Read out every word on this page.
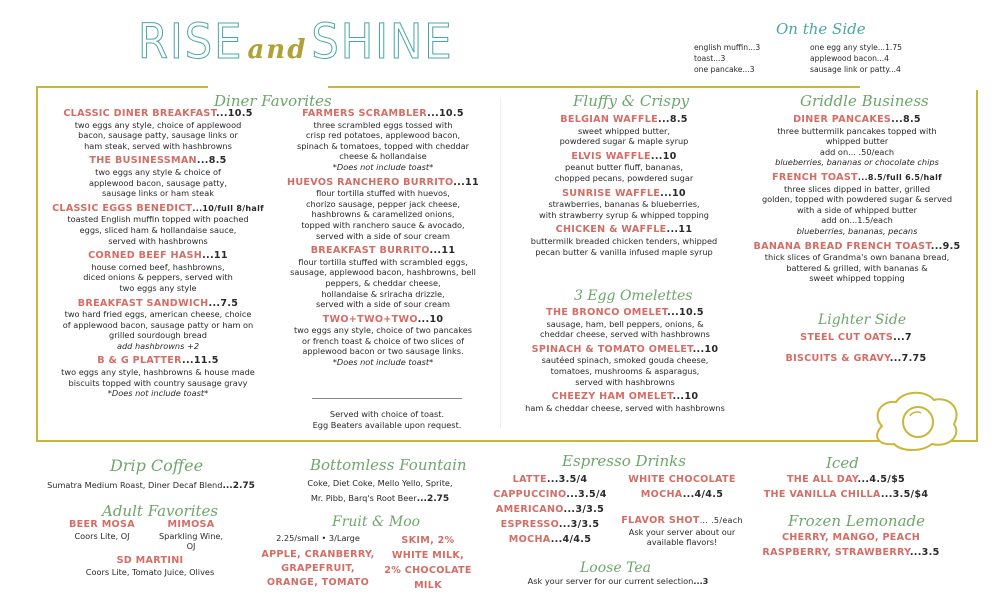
RISE andSHINE	On the Side
english muffin...3
toast...3
one pancake...3
one egg any style...1.75
applewood bacon...4
sausage link or patty...4
Diner Favorites
CLASSIC DINER BREAKFAST...10.5
two eggs any style, choice of applewood
bacon, sausage patty, sausage links or
ham steak, served with hashbrowns
THE BUSINESSMAN...8.5
two eggs any style & choice of
applewood bacon, sausage patty,
sausage links or ham steak
CLASSIC EGGS BENEDICT...10/full 8/half
toasted English muffin topped with poached
eggs, sliced ham & hollandaise sauce,
served with hashbrowns
CORNED BEEF HASH...11
house corned beef, hashbrowns,
diced onions & peppers, served with
two eggs any style
BREAKFAST SANDWICH...7.5
two hard fried eggs, american cheese, choice
of applewood bacon, sausage patty or ham on
grilled sourdough bread
add hashbrowns +2
B & G PLATTER...11.5
two eggs any style, hashbrowns & house made
biscuits topped with country sausage gravy
*Does not include toast*
FARMERS SCRAMBLER...10.5
three scrambled eggs tossed with
crisp red potatoes, applewood bacon,
spinach & tomatoes, topped with cheddar
cheese & hollandaise
*Does not include toast*
HUEVOS RANCHERO BURRITO...11
flour tortilla stuffed with huevos,
chorizo sausage, pepper jack cheese,
hashbrowns & caramelized onions,
topped with ranchero sauce & avocado,
served with a side of sour cream
BREAKFAST BURRITO...11
flour tortilla stuffed with scrambled eggs,
sausage, applewood bacon, hashbrowns, bell
peppers, & cheddar cheese,
hollandaise & sriracha drizzle,
served with a side of sour cream
TWO+TWO+TWO...10
two eggs any style, choice of two pancakes
or french toast & choice of two slices of
applewood bacon or two sausage links.
*Does not include toast*
Served with choice of toast.
Egg Beaters available upon request.
Fluffy & Crispy
BELGIAN WAFFLE...8.5
sweet whipped butter,
powdered sugar & maple syrup
ELVIS WAFFLE...10
peanut butter fluff, bananas,
chopped pecans, powdered sugar
SUNRISE WAFFLE...10
strawberries, bananas & blueberries,
with strawberry syrup & whipped topping
CHICKEN & WAFFLE...11
buttermilk breaded chicken tenders, whipped
pecan butter & vanilla infused maple syrup
3 Egg Omelettes
THE BRONCO OMELET...10.5
sausage, ham, bell peppers, onions, &
cheddar cheese, served with hashbrowns
SPINACH & TOMATO OMELET...10
sautéed spinach, smoked gouda cheese,
tomatoes, mushrooms & asparagus,
served with hashbrowns
CHEEZY HAM OMELET...10
ham & cheddar cheese, served with hashbrowns
Griddle Business
DINER PANCAKES...8.5
three buttermilk pancakes topped with
whipped butter
add on... .50/each
blueberries, bananas or chocolate chips
FRENCH TOAST...8.5/full 6.5/half
three slices dipped in batter, grilled
golden, topped with powdered sugar & served
with a side of whipped butter
add on...1.5/each
blueberries, bananas, pecans
BANANA BREAD FRENCH TOAST...9.5
thick slices of Grandma's own banana bread,
battered & grilled, with bananas &
sweet whipped topping
Lighter Side
STEEL CUT OATS...7
BISCUITS & GRAVY...7.75
Drip Coffee
Sumatra Medium Roast, Diner Decaf Blend...2.75
Adult Favorites
BEER MOSA
Coors Lite, OJ
MIMOSA
Sparkling Wine,
OJ
SD MARTINI
Coors Lite, Tomato Juice, Olives
Bottomless Fountain
Coke, Diet Coke, Mello Yello, Sprite,
Mr. Pibb, Barq's Root Beer...2.75
Fruit & Moo
2.25/small • 3/Large
APPLE, CRANBERRY,
GRAPEFRUIT,
ORANGE, TOMATO
SKIM, 2%
WHITE MILK,
2% CHOCOLATE MILK
Espresso Drinks
LATTE...3.5/4
CAPPUCCINO...3.5/4
AMERICANO...3/3.5
ESPRESSO...3/3.5
MOCHA...4/4.5
WHITE CHOCOLATE
MOCHA...4/4.5
FLAVOR SHOT... .5/each
Ask your server about our
available flavors!
Loose Tea
Ask your server for our current selection...3
Iced
THE ALL DAY...4.5/$5
THE VANILLA CHILLA...3.5/$4
Frozen Lemonade
CHERRY, MANGO, PEACH
RASPBERRY, STRAWBERRY...3.5
